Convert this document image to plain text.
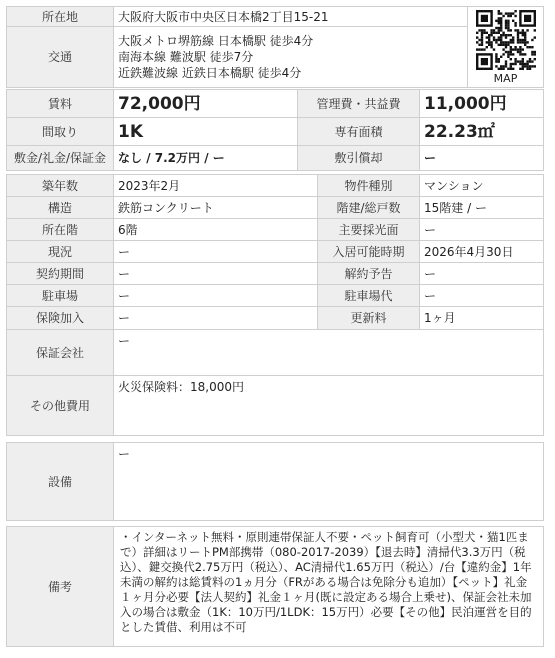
所在地	大阪府大阪市中央区日本橋2丁目15-21	MAP

交通	大阪メトロ堺筋線 日本橋駅 徒歩4分
南海本線 難波駅 徒歩7分
近鉄難波線 近鉄日本橋駅 徒歩4分	
賃料	72,000円	管理費・共益費	11,000円
間取り	1K	専有面積	22.23㎡
敷金/礼金/保証金	なし / 7.2万円 / ー	敷引償却	ー
築年数	2023年2月	物件種別	マンション
構造	鉄筋コンクリート	階建/総戸数	15階建 / ー
所在階	6階	主要採光面	ー
現況	ー	入居可能時期	2026年4月30日
契約期間	ー	解約予告	ー
駐車場	ー	駐車場代	ー
保険加入	ー	更新料	1ヶ月
保証会社	ー		
その他費用	火災保険料：18,000円		
設備	ー
備考	・インターネット無料・原則連帯保証人不要・ペット飼育可（小型犬・猫1匹まで）詳細はリートPM部携帯（080-2017-2039）【退去時】清掃代3.3万円（税込）、鍵交換代2.75万円（税込）、AC清掃代1.65万円（税込）/台【違約金】1年未満の解約は総賃料の1ヵ月分（FRがある場合は免除分も追加）【ペット】礼金１ヶ月分必要【法人契約】礼金１ヶ月(既に設定ある場合上乗せ)、保証会社未加入の場合は敷金（1K：10万円/1LDK：15万円）必要【その他】民泊運営を目的とした賃借、利用は不可
